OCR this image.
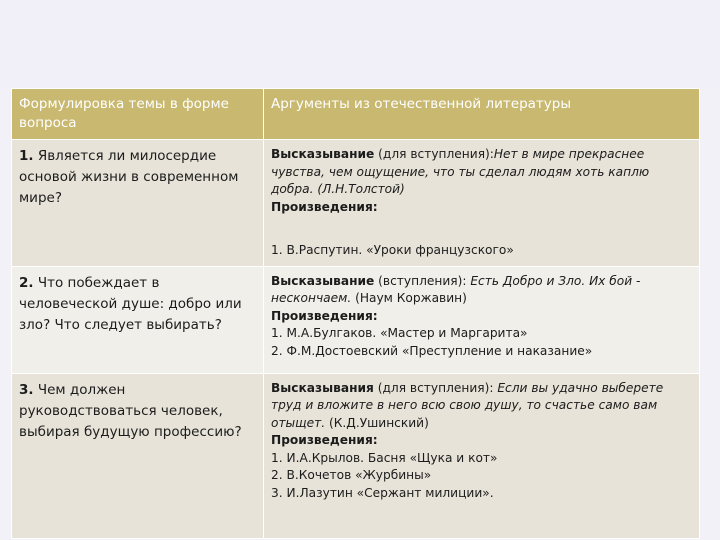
Формулировка темы в форме вопроса	Аргументы из отечественной литературы
1. Является ли милосердие основой жизни в современном мире?	Высказывание (для вступления):Нет в мире прекраснее чувства, чем ощущение, что ты сделал людям хоть каплю добра. (Л.Н.Толстой)
Произведения:
1. В.Распутин. «Уроки французского»

2. Что побеждает в человеческой душе: добро или зло? Что следует выбирать?	Высказывание (вступления): Есть Добро и Зло. Их бой - нескончаем. (Наум Коржавин)
Произведения:
1. М.А.Булгаков. «Мастер и Маргарита»
2. Ф.М.Достоевский «Преступление и наказание»

3. Чем должен руководствоваться человек, выбирая будущую профессию?	Высказывания (для вступления): Если вы удачно выберете труд и вложите в него всю свою душу, то счастье само вам отыщет. (К.Д.Ушинский)
Произведения:
1. И.А.Крылов. Басня «Щука и кот»
2. В.Кочетов «Журбины»
3. И.Лазутин «Сержант милиции».
